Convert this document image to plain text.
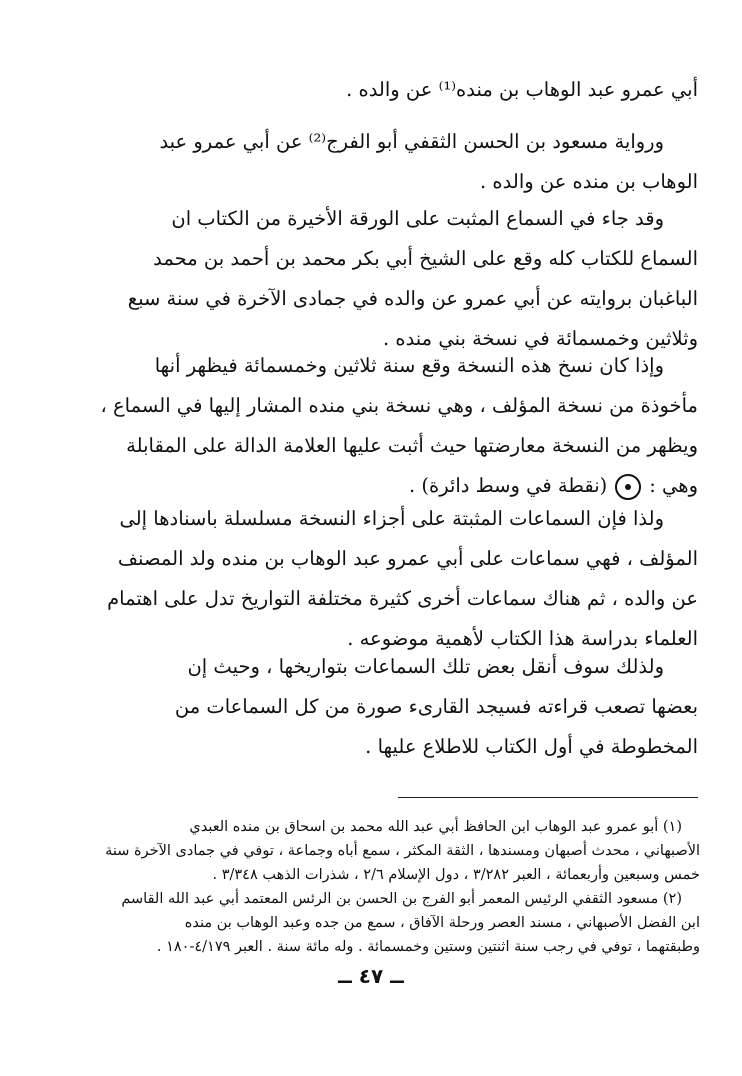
أبي عمرو عبد الوهاب بن منده⁽¹⁾ عن والده .

ورواية مسعود بن الحسن الثقفي أبو الفرج⁽²⁾ عن أبي عمرو عبد
الوهاب بن منده عن والده .

وقد جاء في السماع المثبت على الورقة الأخيرة من الكتاب ان
السماع للكتاب كله وقع على الشيخ أبي بكر محمد بن أحمد بن محمد
الباغبان بروايته عن أبي عمرو عن والده في جمادى الآخرة في سنة سبع
وثلاثين وخمسمائة في نسخة بني منده .

وإذا كان نسخ هذه النسخة وقع سنة ثلاثين وخمسمائة فيظهر أنها
مأخوذة من نسخة المؤلف ، وهي نسخة بني منده المشار إليها في السماع ،
ويظهر من النسخة معارضتها حيث أثبت عليها العلامة الدالة على المقابلة
وهي :(نقطة في وسط دائرة) .

ولذا فإن السماعات المثبتة على أجزاء النسخة مسلسلة باسنادها إلى
المؤلف ، فهي سماعات على أبي عمرو عبد الوهاب بن منده ولد المصنف
عن والده ، ثم هناك سماعات أخرى كثيرة مختلفة التواريخ تدل على اهتمام
العلماء بدراسة هذا الكتاب لأهمية موضوعه .

ولذلك سوف أنقل بعض تلك السماعات بتواريخها ، وحيث إن
بعضها تصعب قراءته فسيجد القارىء صورة من كل السماعات من
المخطوطة في أول الكتاب للاطلاع عليها .

(١) أبو عمرو عبد الوهاب ابن الحافظ أبي عبد الله محمد بن اسحاق بن منده العبدي
الأصبهاني ، محدث أصبهان ومسندها ، الثقة المكثر ، سمع أباه وجماعة ، توفي في جمادى الآخرة سنة
خمس وسبعين وأربعمائة ، العبر ٣/٢٨٢ ، دول الإسلام ٢/٦ ، شذرات الذهب ٣/٣٤٨ .
(٢) مسعود الثقفي الرئيس المعمر أبو الفرج بن الحسن بن الرئس المعتمد أبي عبد الله القاسم
ابن الفضل الأصبهاني ، مسند العصر ورحلة الآفاق ، سمع من جده وعبد الوهاب بن منده
وطبقتهما ، توفي في رجب سنة اثنتين وستين وخمسمائة . وله مائة سنة . العبر ٤/١٧٩-١٨٠ .
ــ ٤٧ ــ
